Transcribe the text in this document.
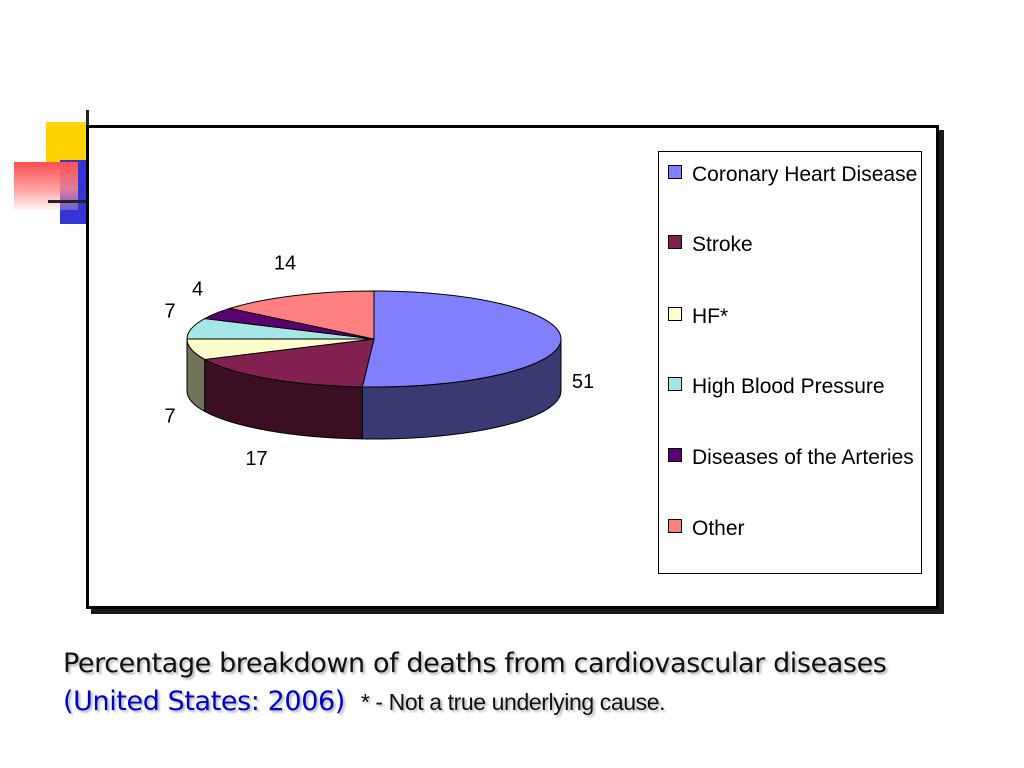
51
17
7
7
4
14
Coronary Heart Disease
Stroke
HF*
High Blood Pressure
Diseases of the Arteries
Other
Percentage breakdown of deaths from cardiovascular diseases
(United States: 2006) * - Not a true underlying cause.
